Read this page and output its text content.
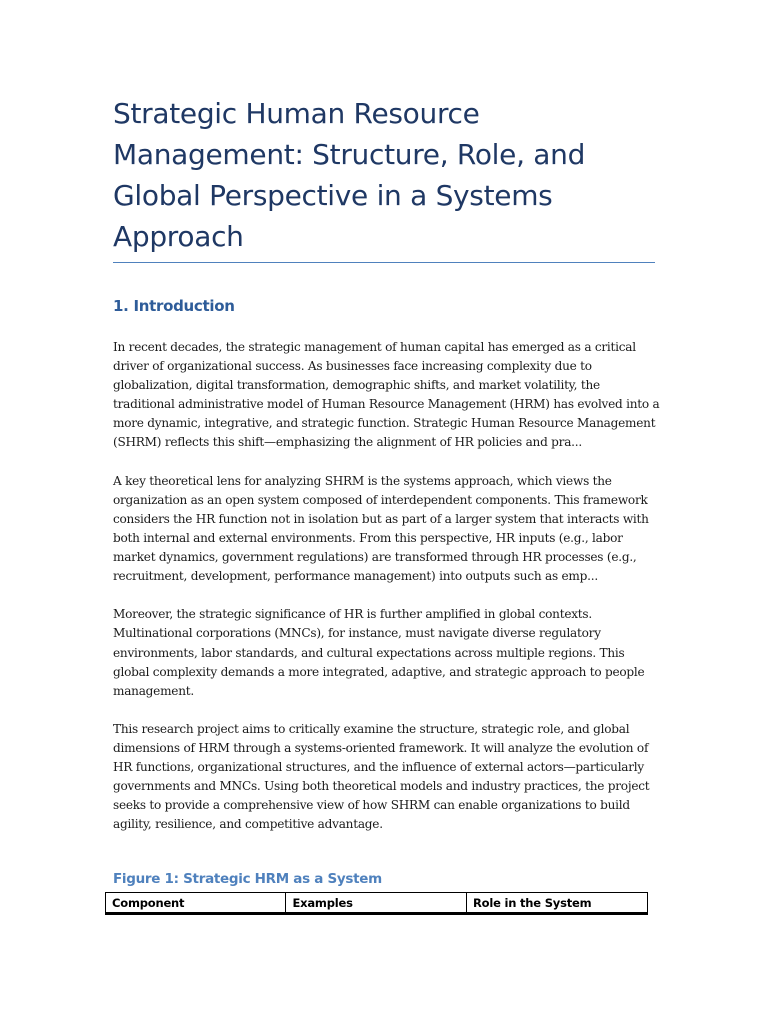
Strategic Human Resource Management: Structure, Role, and Global Perspective in a Systems Approach
1. Introduction

In recent decades, the strategic management of human capital has emerged as a critical driver of organizational success. As businesses face increasing complexity due to globalization, digital transformation, demographic shifts, and market volatility, the traditional administrative model of Human Resource Management (HRM) has evolved into a more dynamic, integrative, and strategic function. Strategic Human Resource Management (SHRM) reflects this shift—emphasizing the alignment of HR policies and pra...

A key theoretical lens for analyzing SHRM is the systems approach, which views the organization as an open system composed of interdependent components. This framework considers the HR function not in isolation but as part of a larger system that interacts with both internal and external environments. From this perspective, HR inputs (e.g., labor market dynamics, government regulations) are transformed through HR processes (e.g., recruitment, development, performance management) into outputs such as emp...

Moreover, the strategic significance of HR is further amplified in global contexts. Multinational corporations (MNCs), for instance, must navigate diverse regulatory environments, labor standards, and cultural expectations across multiple regions. This global complexity demands a more integrated, adaptive, and strategic approach to people management.

This research project aims to critically examine the structure, strategic role, and global dimensions of HRM through a systems-oriented framework. It will analyze the evolution of HR functions, organizational structures, and the influence of external actors—particularly governments and MNCs. Using both theoretical models and industry practices, the project seeks to provide a comprehensive view of how SHRM can enable organizations to build agility, resilience, and competitive advantage.

Figure 1: Strategic HRM as a System
Component	Examples	Role in the System
